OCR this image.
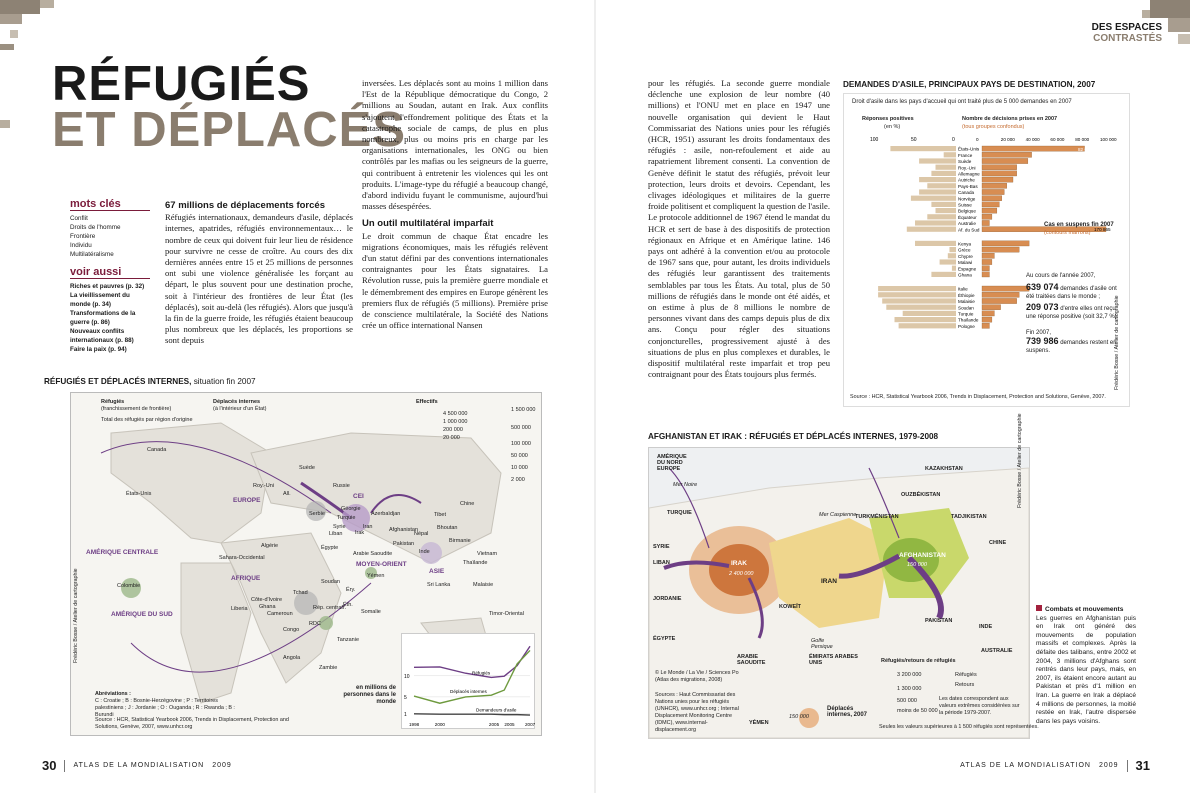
DES ESPACES
CONTRASTÉS
RÉFUGIÉS
ET DÉPLACÉS
mots clés
Conflit
Droits de l'homme
Frontière
Individu
Multilatéralisme
voir aussi
Riches et pauvres (p. 32)
La vieillissement du monde (p. 34)
Transformations de la guerre (p. 86)
Nouveaux conflits internationaux (p. 88)
Faire la paix (p. 94)
67 millions de déplacements forcés

Réfugiés internationaux, demandeurs d'asile, déplacés internes, apatrides, réfugiés environnementaux… le nombre de ceux qui doivent fuir leur lieu de résidence pour survivre ne cesse de croître. Au cours des dix dernières années entre 15 et 25 millions de personnes ont subi une violence généralisée les forçant au départ, le plus souvent pour une destination proche, soit à l'intérieur des frontières de leur État (les déplacés), soit au-delà (les réfugiés). Alors que jusqu'à la fin de la guerre froide, les réfugiés étaient beaucoup plus nombreux que les déplacés, les proportions se sont depuis

inversées. Les déplacés sont au moins 1 million dans l'Est de la République démocratique du Congo, 2 millions au Soudan, autant en Irak. Aux conflits s'ajoutent l'effondrement politique des États et la catastrophe sociale de camps, de plus en plus nombreux, plus ou moins pris en charge par les organisations internationales, les ONG ou bien contrôlés par les mafias ou les seigneurs de la guerre, qui contribuent à entretenir les violences qui les ont produits. L'image-type du réfugié a beaucoup changé, d'abord individu fuyant le communisme, aujourd'hui masses désespérées.

Un outil multilatéral imparfait

Le droit commun de chaque État encadre les migrations économiques, mais les réfugiés relèvent d'un statut défini par des conventions internationales contraignantes pour les États signataires. La Révolution russe, puis la première guerre mondiale et le démembrement des empires en Europe génèrent les premiers flux de réfugiés (5 millions). Première prise de conscience multilatérale, la Société des Nations crée un office international Nansen

pour les réfugiés. La seconde guerre mondiale déclenche une explosion de leur nombre (40 millions) et l'ONU met en place en 1947 une nouvelle organisation qui devient le Haut Commissariat des Nations unies pour les réfugiés (HCR, 1951) assurant les droits fondamentaux des réfugiés : asile, non-refoulement et aide au rapatriement librement consenti. La convention de Genève définit le statut des réfugiés, prévoit leur protection, leurs droits et devoirs. Cependant, les clivages idéologiques et militaires de la guerre froide politisent et compliquent la question de l'asile. Le protocole additionnel de 1967 étend le mandat du HCR et sert de base à des dispositifs de protection régionaux en Afrique et en Amérique latine. 146 pays ont adhéré à la convention et/ou au protocole de 1967 sans que, pour autant, les droits individuels des réfugiés leur garantissent des traitements semblables par tous les États. Au total, plus de 50 millions de réfugiés dans le monde ont été aidés, et on estime à plus de 8 millions le nombre de personnes vivant dans des camps depuis plus de dix ans. Conçu pour régler des situations conjoncturelles, progressivement ajusté à des situations de plus en plus complexes et durables, le dispositif multilatéral reste imparfait et trop peu contraignant pour des États toujours plus fermés.

RÉFUGIÉS ET DÉPLACÉS INTERNES, situation fin 2007
Réfugiés
(franchissement de frontière)
Total des réfugiés par région d'origine
Déplacés internes
(à l'intérieur d'un État)
Effectifs
1 500 000
500 000
100 000
50 000
10 000
2 000
4 500 000
1 000 000
200 000
20 000
EUROPE
CEI
MOYEN-ORIENT
AFRIQUE
ASIE
AMÉRIQUE CENTRALE
AMÉRIQUE DU SUD
Canada
États-Unis
Suède
Russie
Roy.-Uni
All.
Serbie
Géorgie
Turquie
Azerbaïdjan
Syrie
Liban Irak
Iran	Afghanistan
Pakistan
Inde
Tibet
Bhoutan
Népal
Birmanie
Chine
Vietnam
Thaïlande
Malaisie
Sri Lanka
Égypte
Arabie Saoudite
Yémen
Algérie
Sahara-Occidental
Tchad
Soudan
Éry.
Éth.
Somalie
Rép. centrafr.
RDC
Côte-d'Ivoire
Ghana
Cameroun
Liberia
Congo
Angola
Zambie
Tanzanie
Colombie
Timor-Oriental
10
5
1
Réfugiés
Déplacés internes
Demandeurs d'asile
1998	2000	2005 2005 2007
en millions de personnes dans le monde
Abréviations :
C : Croatie ; B : Bosnie-Herzégovine ; P : Territoires palestiniens ; J : Jordanie ; O : Ouganda ; R : Rwanda ; B : Burundi
Source : HCR, Statistical Yearbook 2006, Trends in Displacement, Protection and Solutions, Genève, 2007, www.unhcr.org
Frédéric Bosse / Atelier de cartographie
DEMANDES D'ASILE, PRINCIPAUX PAYS DE DESTINATION, 2007
Droit d'asile dans les pays d'accueil qui ont traité plus de 5 000 demandes en 2007
Réponses positives
(en %)
Nombre de décisions prises en 2007
(tous groupes confondus)
100	50	0	0	20 000 40 000 60 000 80 000 100 000
États-Unis
France
Suède
Roy.-Uni
Allemagne
Autriche
Pays-Bas
Canada
Norvège
Suisse
Belgique
Équateur
Australie
Af. du Sud
Kenya
Grèce
Chypre
Malawi
Espagne
Ghana
Italie
Éthiopie
Malaisie
Soudan
Turquie
Thaïlande
Pologne
82 684
170 865
Cas en suspens fin 2007
(contours marrons)
Au cours de l'année 2007,
639 074 demandes d'asile ont été traitées dans le monde ;
209 073 d'entre elles ont reçu une réponse positive (soit 32,7 %).
Fin 2007,
739 986 demandes restent en suspens.
Source : HCR, Statistical Yearbook 2006, Trends in Displacement, Protection and Solutions, Genève, 2007.
Frédéric Bosse / Atelier de cartographie
AFGHANISTAN ET IRAK : RÉFUGIÉS ET DÉPLACÉS INTERNES, 1979-2008
AMÉRIQUE DU NORD
EUROPE
Mer Noire
TURQUIE	Mer Caspienne
KAZAKHSTAN
OUZBÉKISTAN
TURKMÉNISTAN	TADJIKISTAN
CHINE
SYRIE
LIBAN
JORDANIE
ÉGYPTE
KOWEÏT
Golfe Persique
ARABIE SAOUDITE
ÉMIRATS ARABES UNIS
PAKISTAN
INDE
AUSTRALIE
YÉMEN
IRAK
2 400 000
IRAN
AFGHANISTAN
150 000
Réfugiés/retours de réfugiés
3 200 000
1 300 000
500 000
moins de 50 000
Réfugiés
Retours
Les dates correspondent aux valeurs extrêmes considérées sur la période 1979-2007.
Seules les valeurs supérieures à 1 500 réfugiés sont représentées.
150 000
Déplacés internes, 2007
© Le Monde / La Vie / Sciences Po (Atlas des migrations, 2008)
Sources : Haut Commissariat des Nations unies pour les réfugiés (UNHCR), www.unhcr.org ; Internal Displacement Monitoring Centre (IDMC), www.internal-displacement.org
Frédéric Bosse / Atelier de cartographie
Combats et mouvements
Les guerres en Afghanistan puis en Irak ont généré des mouvements de population massifs et complexes. Après la défaite des talibans, entre 2002 et 2004, 3 millions d'Afghans sont rentrés dans leur pays, mais, en 2007, ils étaient encore autant au Pakistan et près d'1 million en Iran. La guerre en Irak a déplacé 4 millions de personnes, la moitié restée en Irak, l'autre dispersée dans les pays voisins.
30 ATLAS DE LA MONDIALISATION 2009	ATLAS DE LA MONDIALISATION 2009 31
